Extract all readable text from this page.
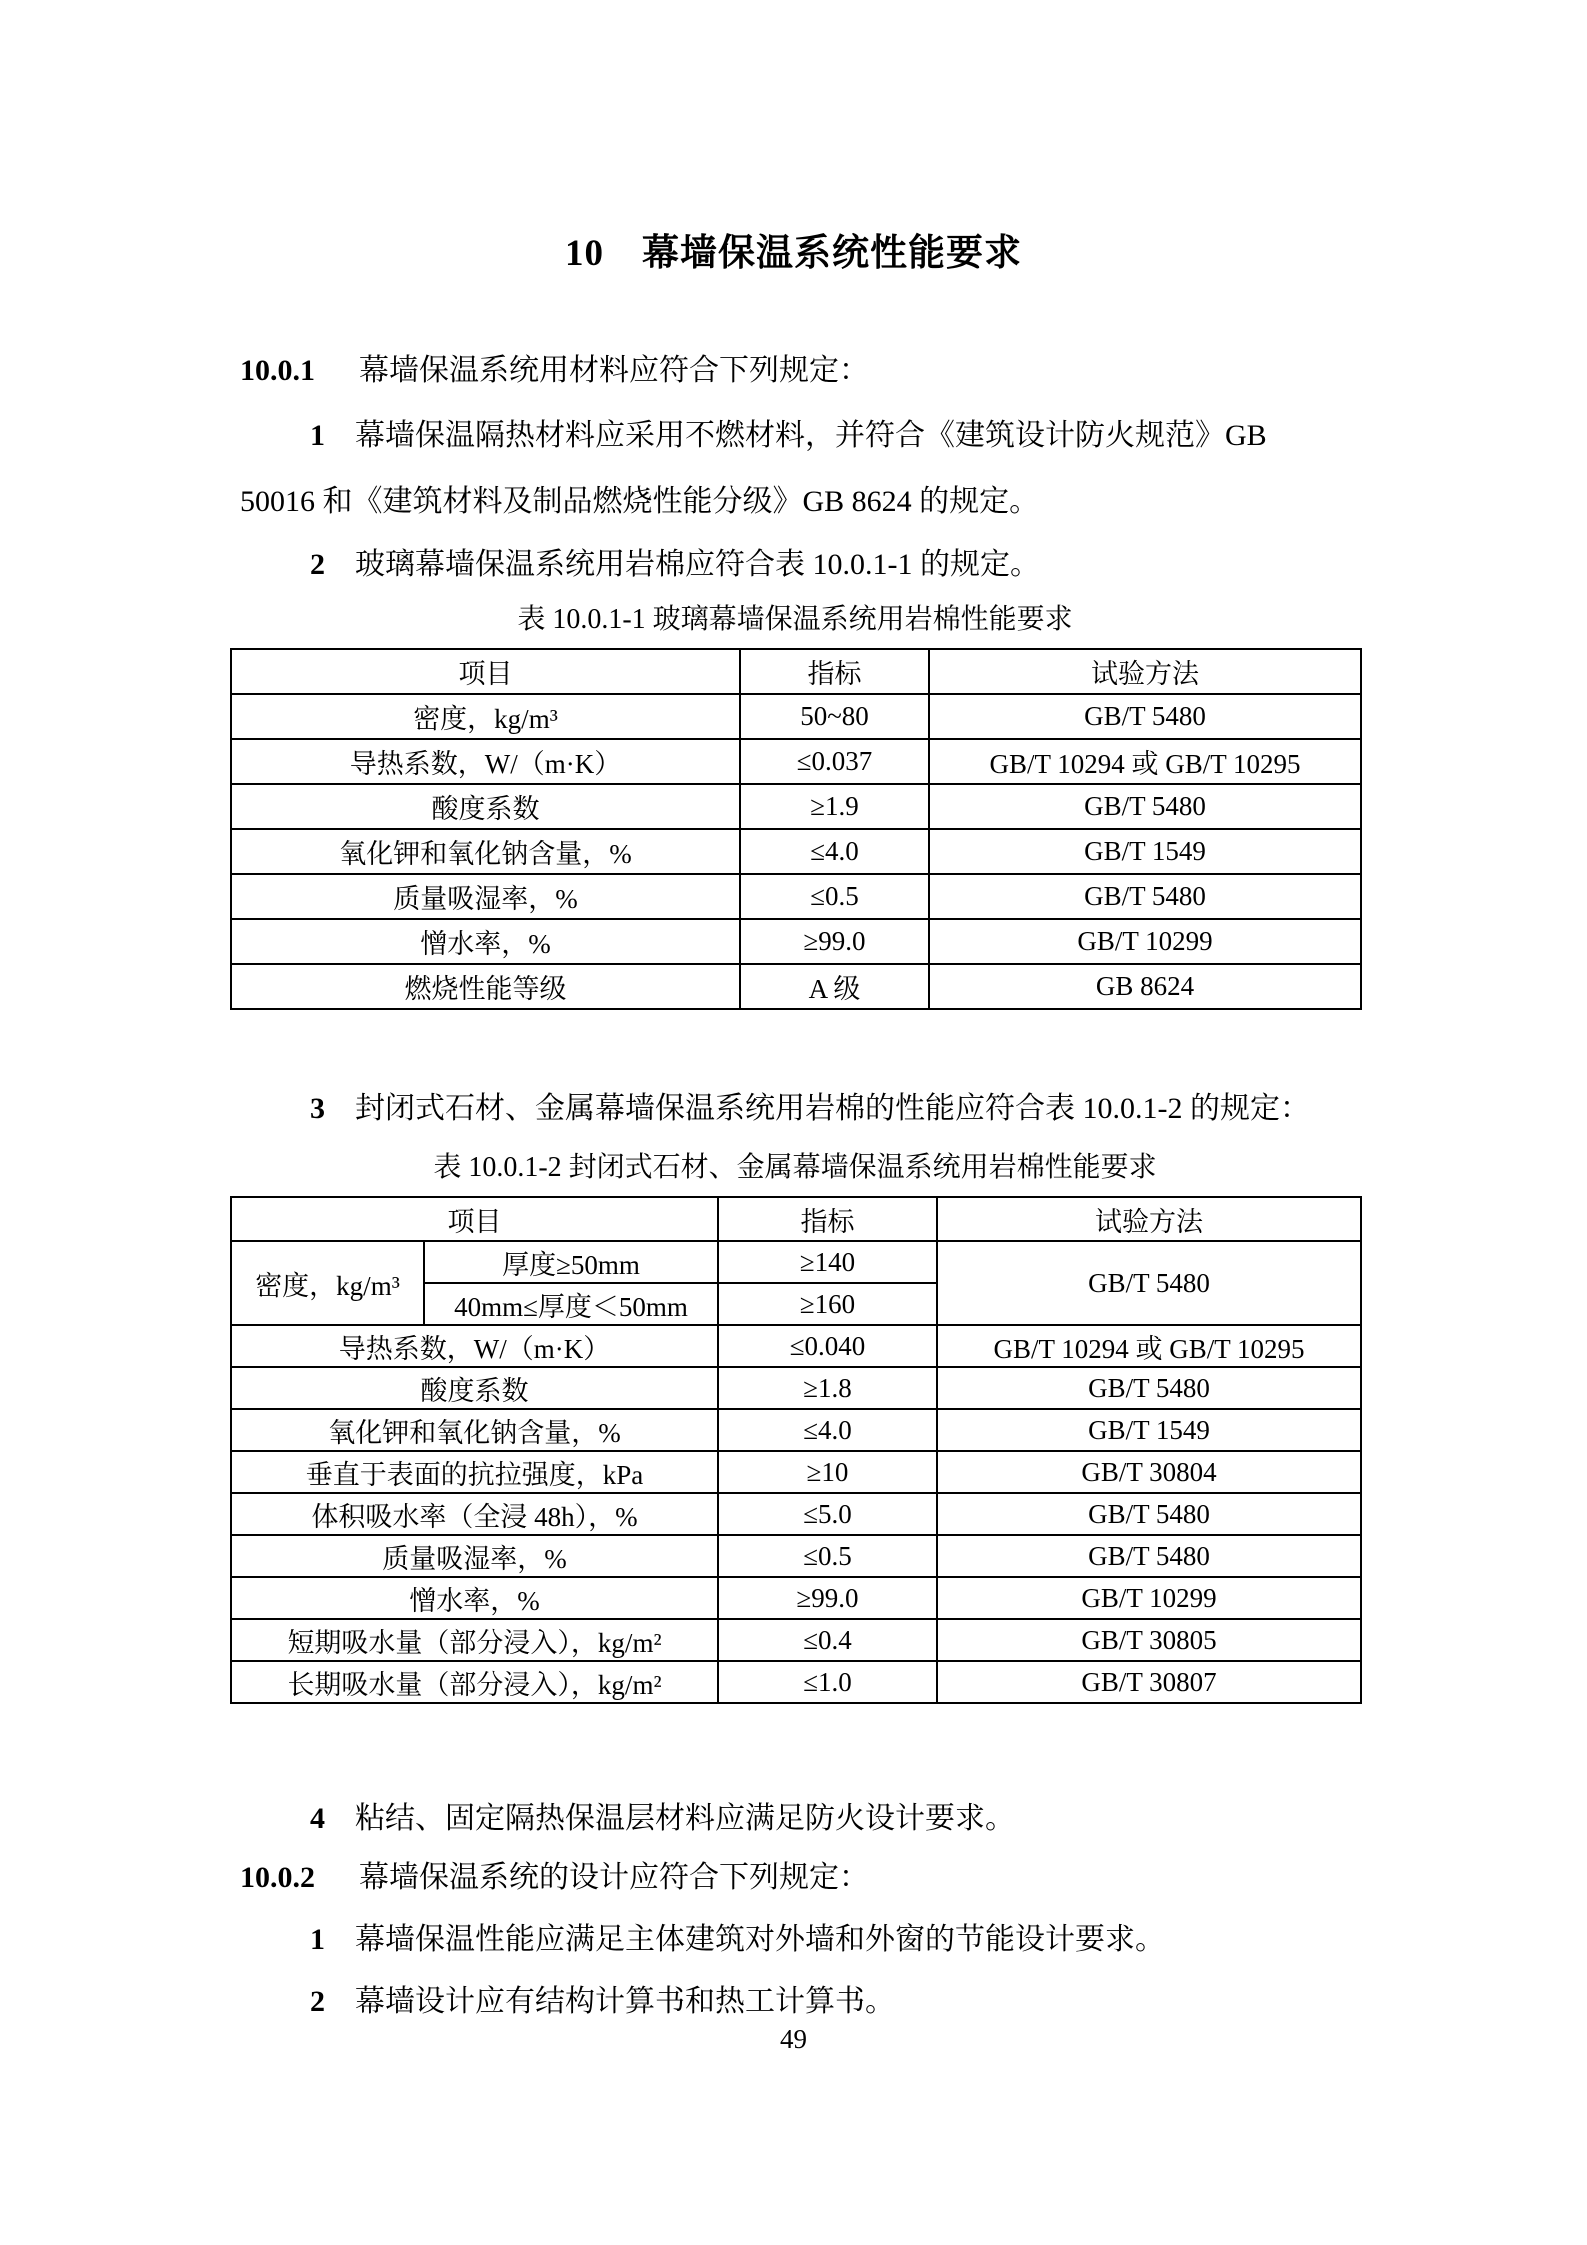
10　幕墙保温系统性能要求
10.0.1 幕墙保温系统用材料应符合下列规定：
1 幕墙保温隔热材料应采用不燃材料，并符合《建筑设计防火规范》GB
50016 和《建筑材料及制品燃烧性能分级》GB 8624 的规定。
2 玻璃幕墙保温系统用岩棉应符合表 10.0.1-1 的规定。
表 10.0.1-1 玻璃幕墙保温系统用岩棉性能要求
项目	指标	试验方法
密度，kg/m³	50~80	GB/T 5480
导热系数，W/（m·K）	≤0.037	GB/T 10294 或 GB/T 10295
酸度系数	≥1.9	GB/T 5480
氧化钾和氧化钠含量，%	≤4.0	GB/T 1549
质量吸湿率，%	≤0.5	GB/T 5480
憎水率，%	≥99.0	GB/T 10299
燃烧性能等级	A 级	GB 8624
3 封闭式石材、金属幕墙保温系统用岩棉的性能应符合表 10.0.1-2 的规定：
表 10.0.1-2 封闭式石材、金属幕墙保温系统用岩棉性能要求
项目		指标	试验方法
密度，kg/m³	厚度≥50mm	≥140	GB/T 5480
	40mm≤厚度＜50mm	≥160	
导热系数，W/（m·K）		≤0.040	GB/T 10294 或 GB/T 10295
酸度系数		≥1.8	GB/T 5480
氧化钾和氧化钠含量，%		≤4.0	GB/T 1549
垂直于表面的抗拉强度，kPa		≥10	GB/T 30804
体积吸水率（全浸 48h），%		≤5.0	GB/T 5480
质量吸湿率，%		≤0.5	GB/T 5480
憎水率，%		≥99.0	GB/T 10299
短期吸水量（部分浸入），kg/m²		≤0.4	GB/T 30805
长期吸水量（部分浸入），kg/m²		≤1.0	GB/T 30807
4 粘结、固定隔热保温层材料应满足防火设计要求。
10.0.2 幕墙保温系统的设计应符合下列规定：
1 幕墙保温性能应满足主体建筑对外墙和外窗的节能设计要求。
2 幕墙设计应有结构计算书和热工计算书。
49
